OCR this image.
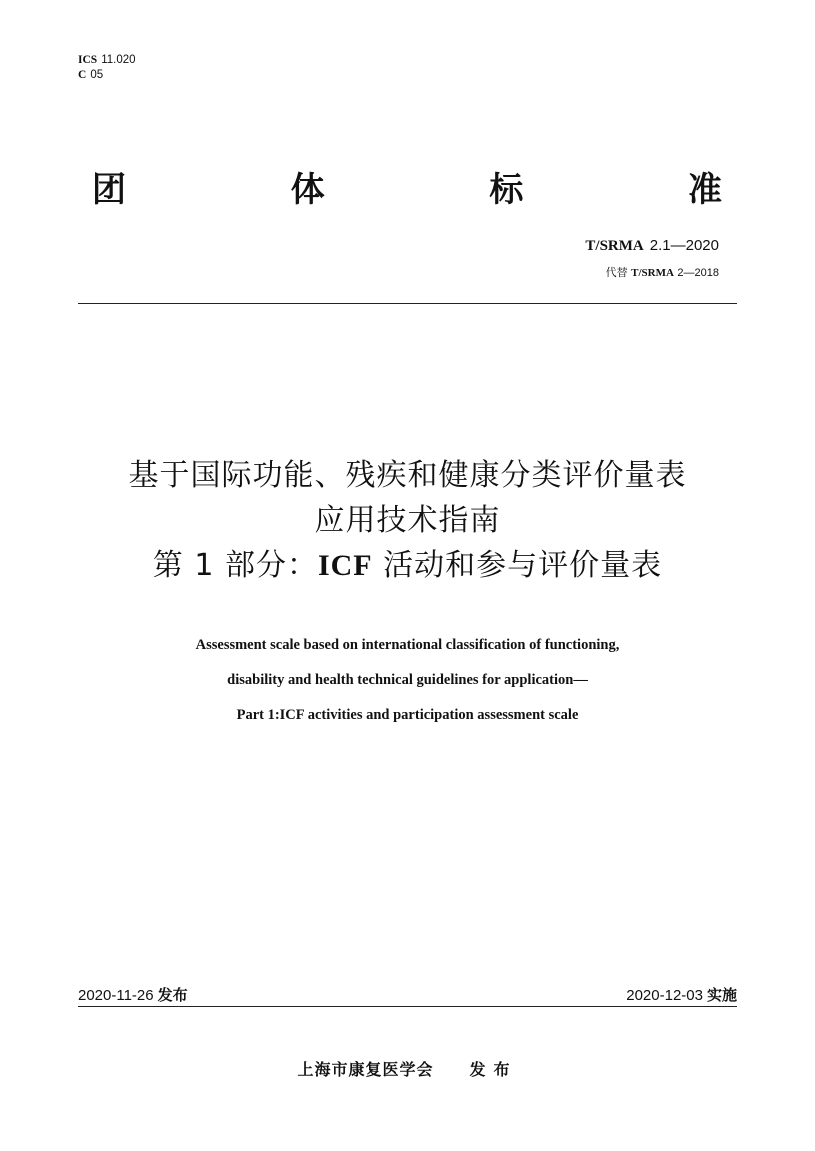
ICS 11.020
C 05
团	体	标	准
T/SRMA 2.1—2020
代替 T/SRMA 2—2018
基于国际功能、残疾和健康分类评价量表
应用技术指南
第 1 部分：ICF 活动和参与评价量表
Assessment scale based on international classification of functioning,
disability and health technical guidelines for application—
Part 1:ICF activities and participation assessment scale
2020-11-26 发布	2020-12-03 实施
上海市康复医学会 发布
